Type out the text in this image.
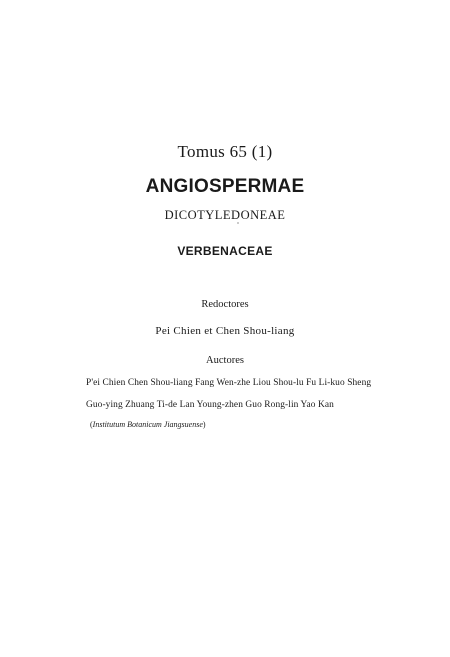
Tomus 65 (1)
ANGIOSPERMAE
DICOTYLEDONEAE
VERBENACEAE
Redoctores
Pei Chien et Chen Shou-liang
Auctores
P'ei Chien Chen Shou-liang Fang Wen-zhe Liou Shou-lu Fu Li-kuo Sheng
Guo-ying Zhuang Ti-de Lan Young-zhen Guo Rong-lin Yao Kan
(Institutum Botanicum Jiangsuense)
